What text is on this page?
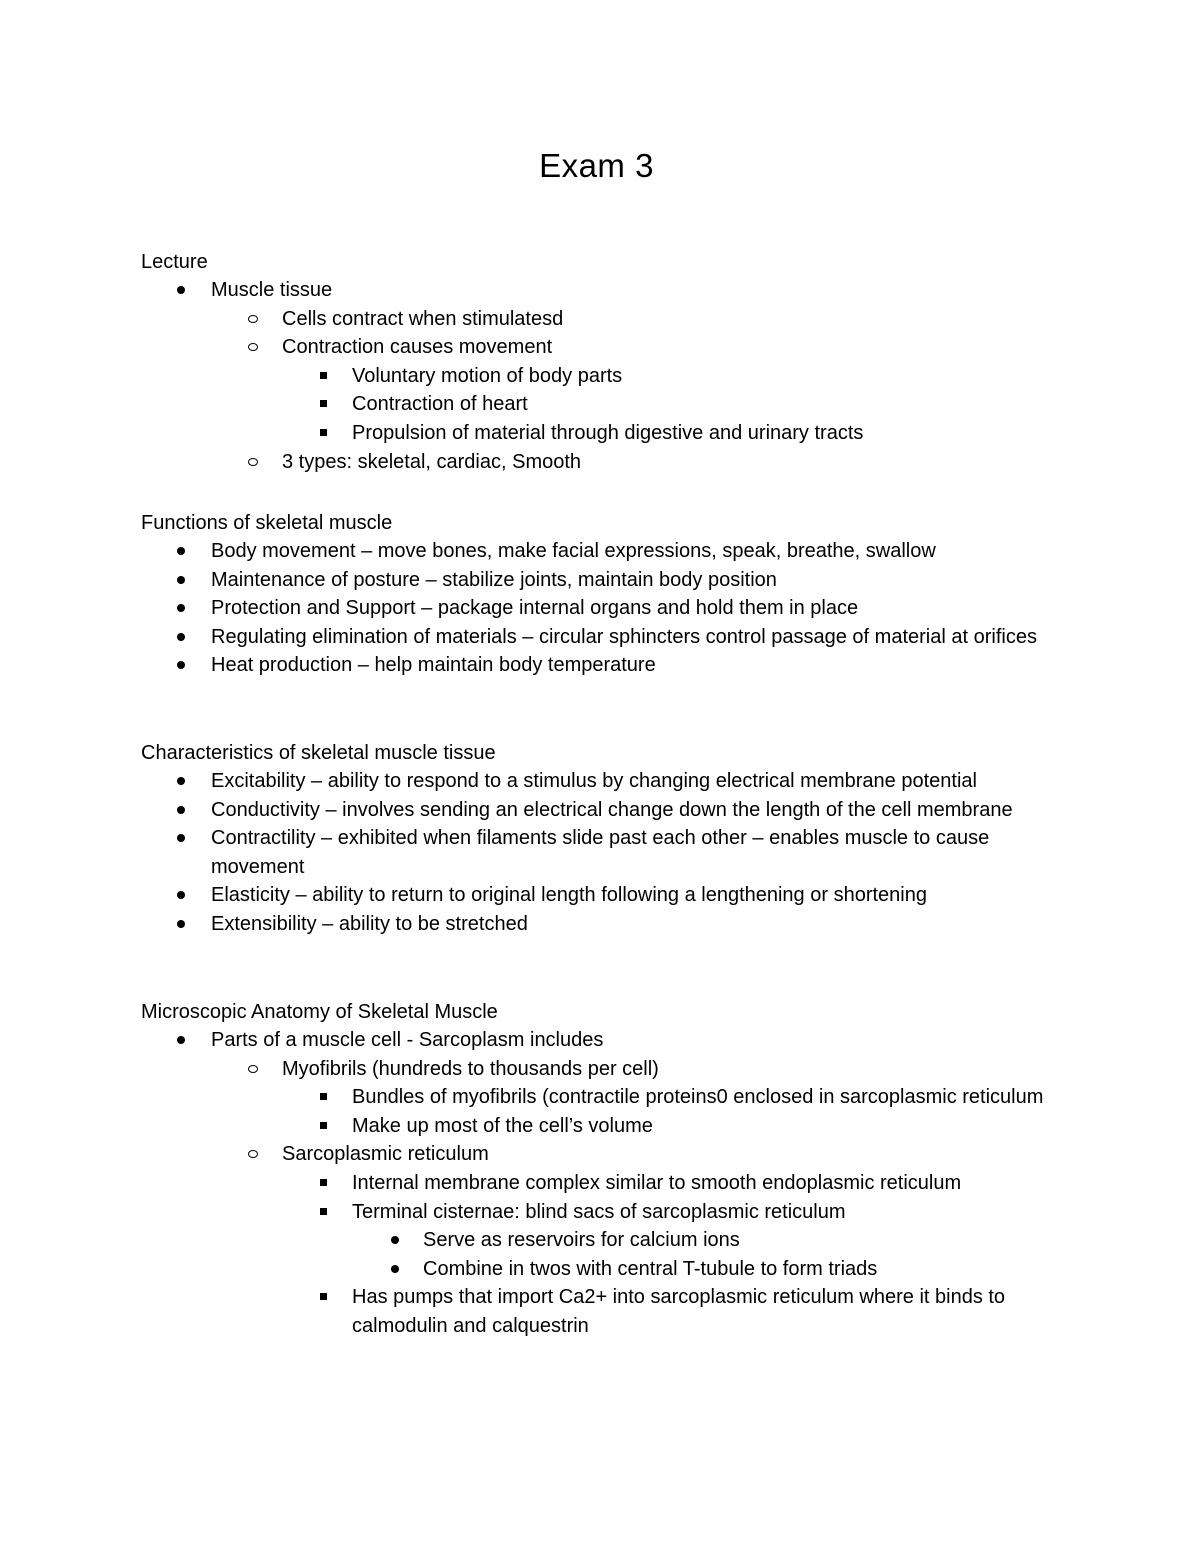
Exam 3
Lecture
Muscle tissue
Cells contract when stimulatesd
Contraction causes movement
Voluntary motion of body parts
Contraction of heart
Propulsion of material through digestive and urinary tracts
3 types: skeletal, cardiac, Smooth
Functions of skeletal muscle
Body movement – move bones, make facial expressions, speak, breathe, swallow
Maintenance of posture – stabilize joints, maintain body position
Protection and Support – package internal organs and hold them in place
Regulating elimination of materials – circular sphincters control passage of material at orifices
Heat production – help maintain body temperature
Characteristics of skeletal muscle tissue
Excitability – ability to respond to a stimulus by changing electrical membrane potential
Conductivity – involves sending an electrical change down the length of the cell membrane
Contractility – exhibited when filaments slide past each other – enables muscle to cause movement
Elasticity – ability to return to original length following a lengthening or shortening
Extensibility – ability to be stretched
Microscopic Anatomy of Skeletal Muscle
Parts of a muscle cell - Sarcoplasm includes
Myofibrils (hundreds to thousands per cell)
Bundles of myofibrils (contractile proteins0 enclosed in sarcoplasmic reticulum
Make up most of the cell’s volume
Sarcoplasmic reticulum
Internal membrane complex similar to smooth endoplasmic reticulum
Terminal cisternae: blind sacs of sarcoplasmic reticulum
Serve as reservoirs for calcium ions
Combine in twos with central T-tubule to form triads
Has pumps that import Ca2+ into sarcoplasmic reticulum where it binds to calmodulin and calquestrin
